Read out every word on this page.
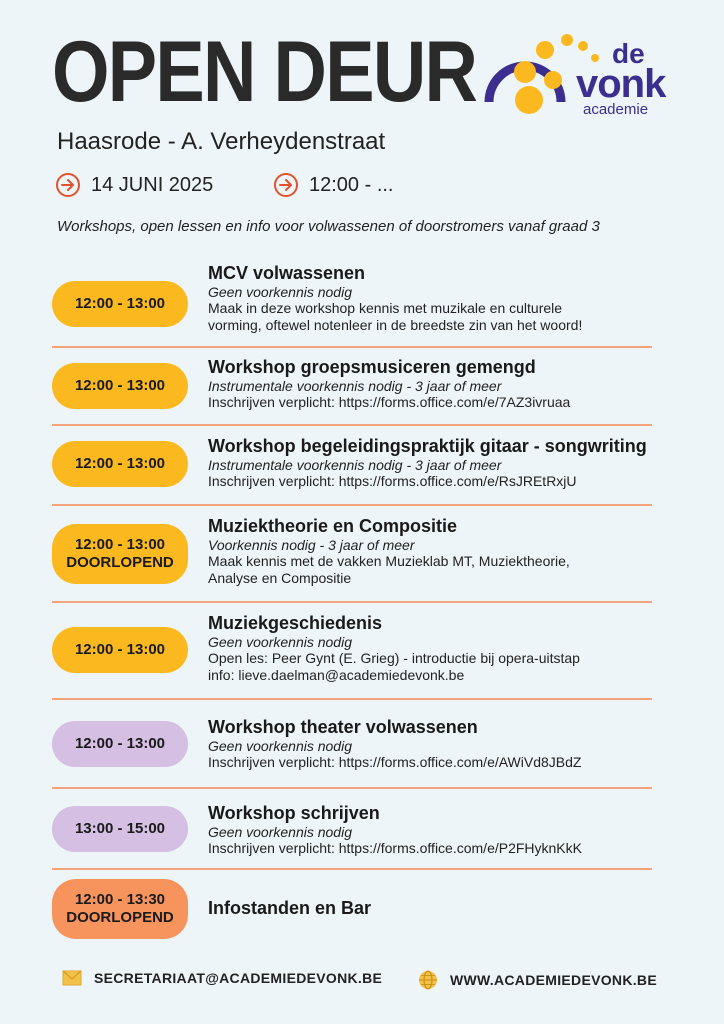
OPEN DEUR

Haasrode - A. Verheydenstraat

14 JUNI 2025	12:00 - ...

Workshops, open lessen en info voor volwassenen of doorstromers vanaf graad 3

de
vonk
academie
12:00 - 13:00
MCV volwassenen
Geen voorkennis nodig
Maak in deze workshop kennis met muzikale en culturele
vorming, oftewel notenleer in de breedste zin van het woord!
12:00 - 13:00
Workshop groepsmusiceren gemengd
Instrumentale voorkennis nodig - 3 jaar of meer
Inschrijven verplicht: https://forms.office.com/e/7AZ3ivruaa
12:00 - 13:00
Workshop begeleidingspraktijk gitaar - songwriting
Instrumentale voorkennis nodig - 3 jaar of meer
Inschrijven verplicht: https://forms.office.com/e/RsJREtRxjU
12:00 - 13:00
DOORLOPEND
Muziektheorie en Compositie
Voorkennis nodig - 3 jaar of meer
Maak kennis met de vakken Muzieklab MT, Muziektheorie,
Analyse en Compositie
12:00 - 13:00
Muziekgeschiedenis
Geen voorkennis nodig
Open les: Peer Gynt (E. Grieg) - introductie bij opera-uitstap
info: lieve.daelman@academiedevonk.be
12:00 - 13:00
Workshop theater volwassenen
Geen voorkennis nodig
Inschrijven verplicht: https://forms.office.com/e/AWiVd8JBdZ
13:00 - 15:00
Workshop schrijven
Geen voorkennis nodig
Inschrijven verplicht: https://forms.office.com/e/P2FHyknKkK
12:00 - 13:30
DOORLOPEND Infostanden en Bar
SECRETARIAAT@ACADEMIEDEVONK.BE	WWW.ACADEMIEDEVONK.BE
